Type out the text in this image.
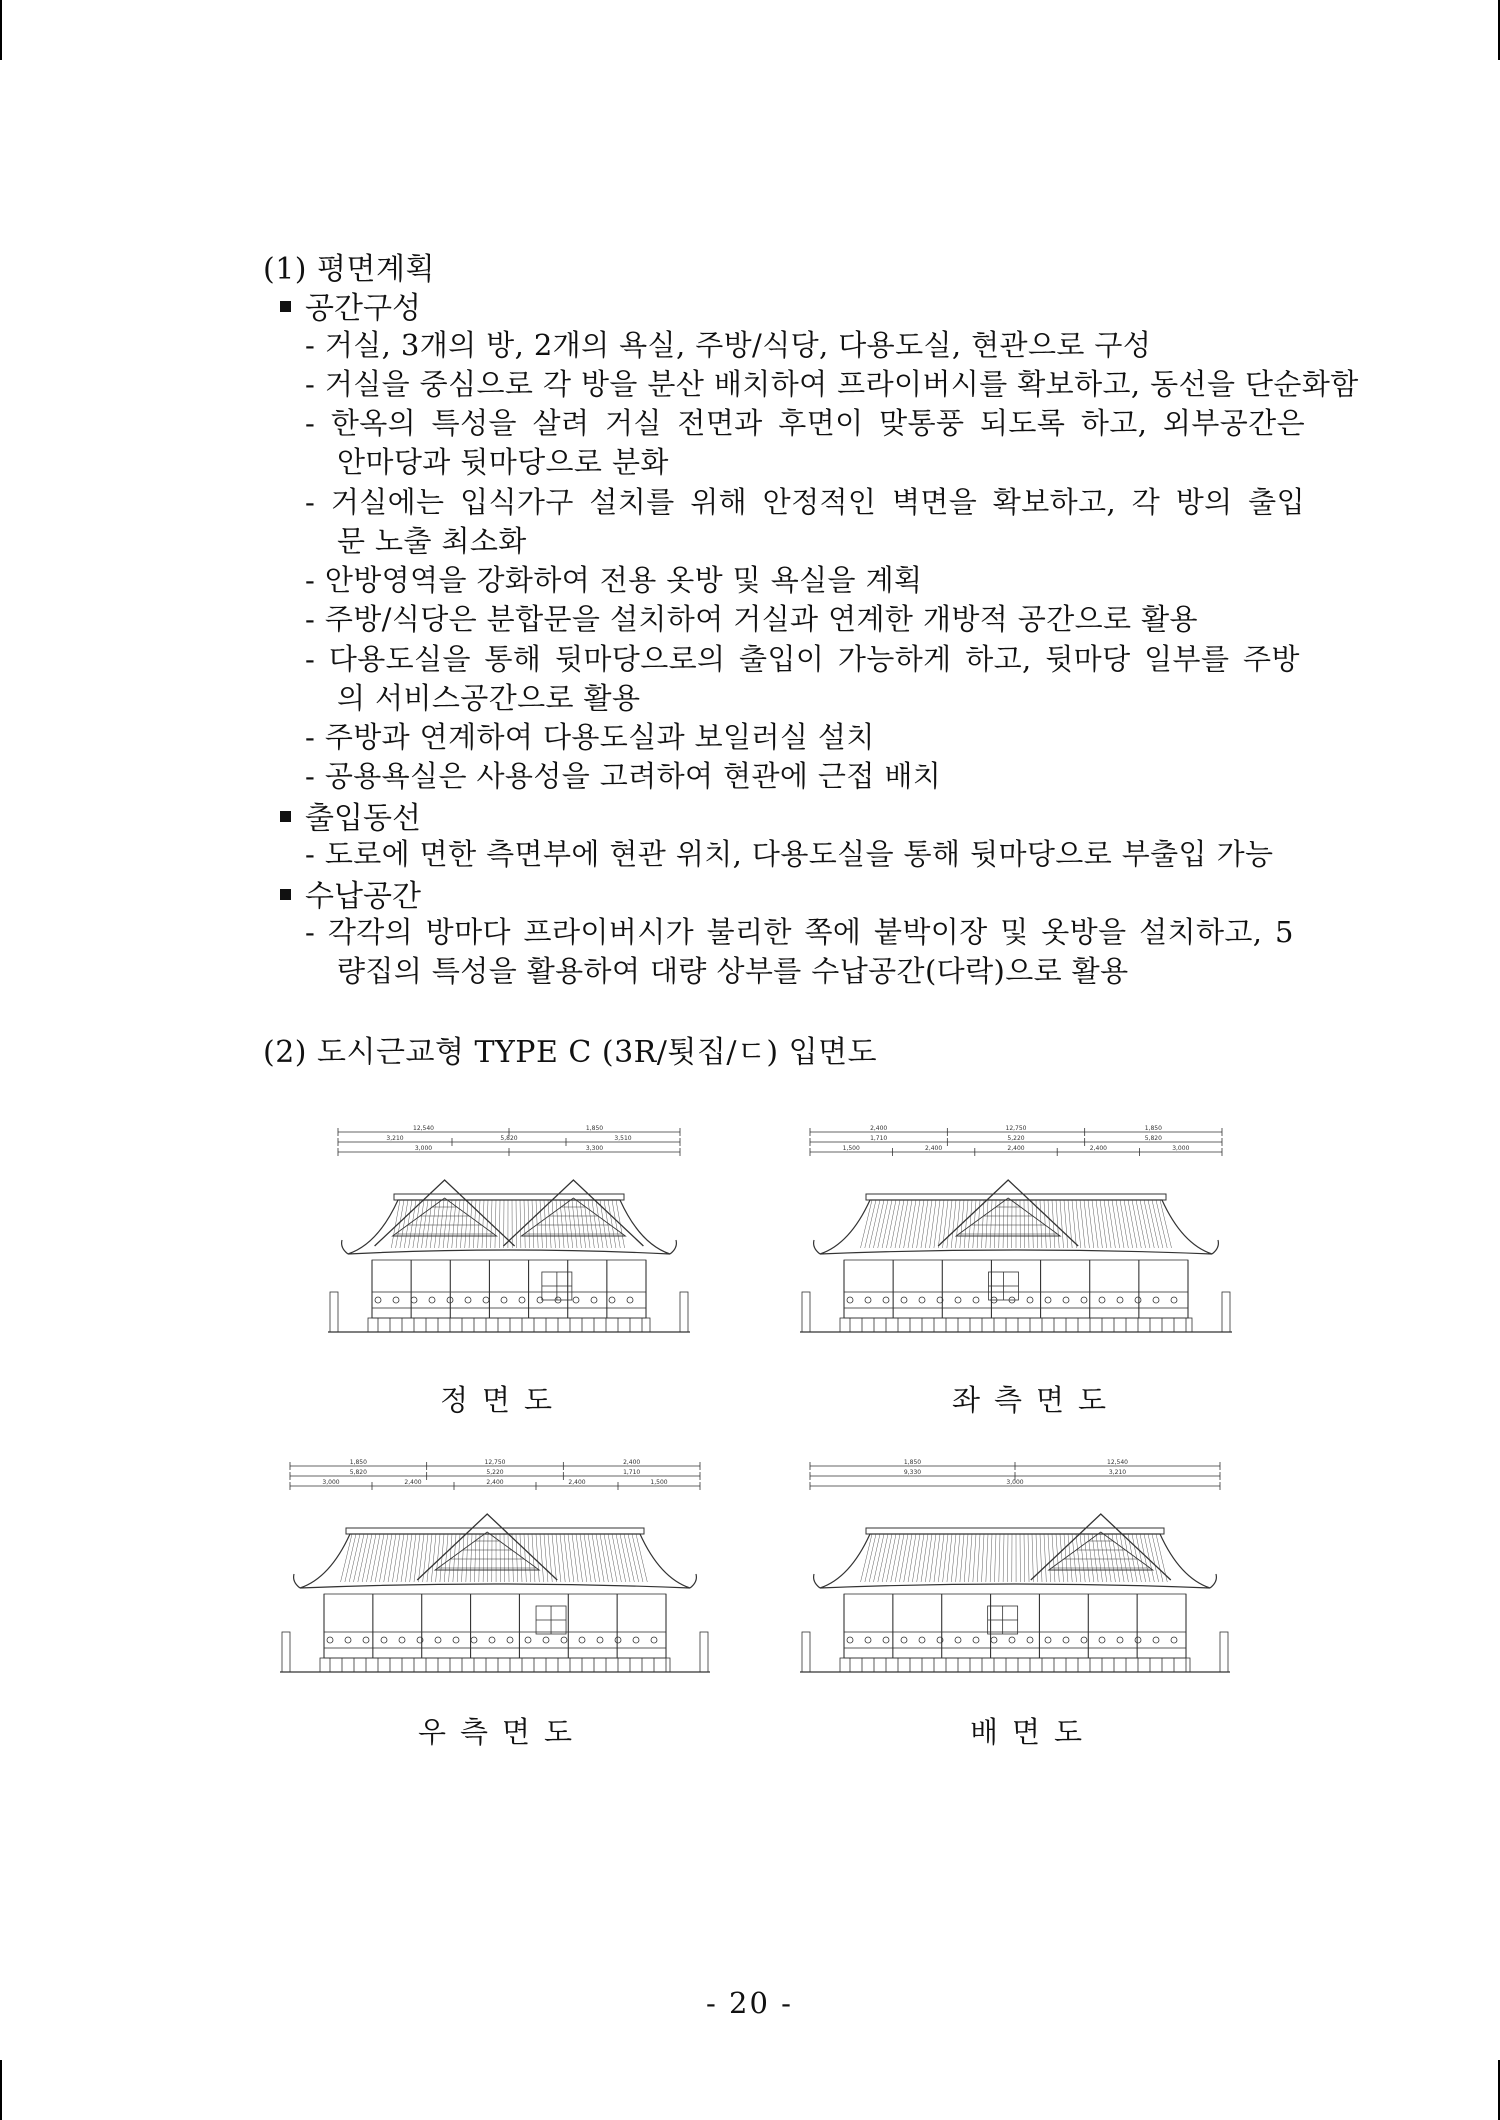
(1) 평면계획
공간구성
- 거실, 3개의 방, 2개의 욕실, 주방/식당, 다용도실, 현관으로 구성
- 거실을 중심으로 각 방을 분산 배치하여 프라이버시를 확보하고, 동선을 단순화함
- 한옥의 특성을 살려 거실 전면과 후면이 맞통풍 되도록 하고, 외부공간은
안마당과 뒷마당으로 분화
- 거실에는 입식가구 설치를 위해 안정적인 벽면을 확보하고, 각 방의 출입
문 노출 최소화
- 안방영역을 강화하여 전용 옷방 및 욕실을 계획
- 주방/식당은 분합문을 설치하여 거실과 연계한 개방적 공간으로 활용
- 다용도실을 통해 뒷마당으로의 출입이 가능하게 하고, 뒷마당 일부를 주방
의 서비스공간으로 활용
- 주방과 연계하여 다용도실과 보일러실 설치
- 공용욕실은 사용성을 고려하여 현관에 근접 배치
출입동선
- 도로에 면한 측면부에 현관 위치, 다용도실을 통해 뒷마당으로 부출입 가능
수납공간
- 각각의 방마다 프라이버시가 불리한 쪽에 붙박이장 및 옷방을 설치하고, 5
량집의 특성을 활용하여 대량 상부를 수납공간(다락)으로 활용
(2) 도시근교형 TYPE C (3R/툇집/ㄷ) 입면도
12,540	1,850
3,210	5,820	3,510
3,000	3,300
2,400	12,750	1,850
1,710	5,220	5,820
1,500	2,400	2,400	2,400	3,000
1,850	12,750	2,400
5,820	5,220	1,710
3,000	2,400	2,400	2,400	1,500
1,850	12,540
9,330	3,210
3,000
정면도	좌측면도
우측면도	배면도
- 20 -
